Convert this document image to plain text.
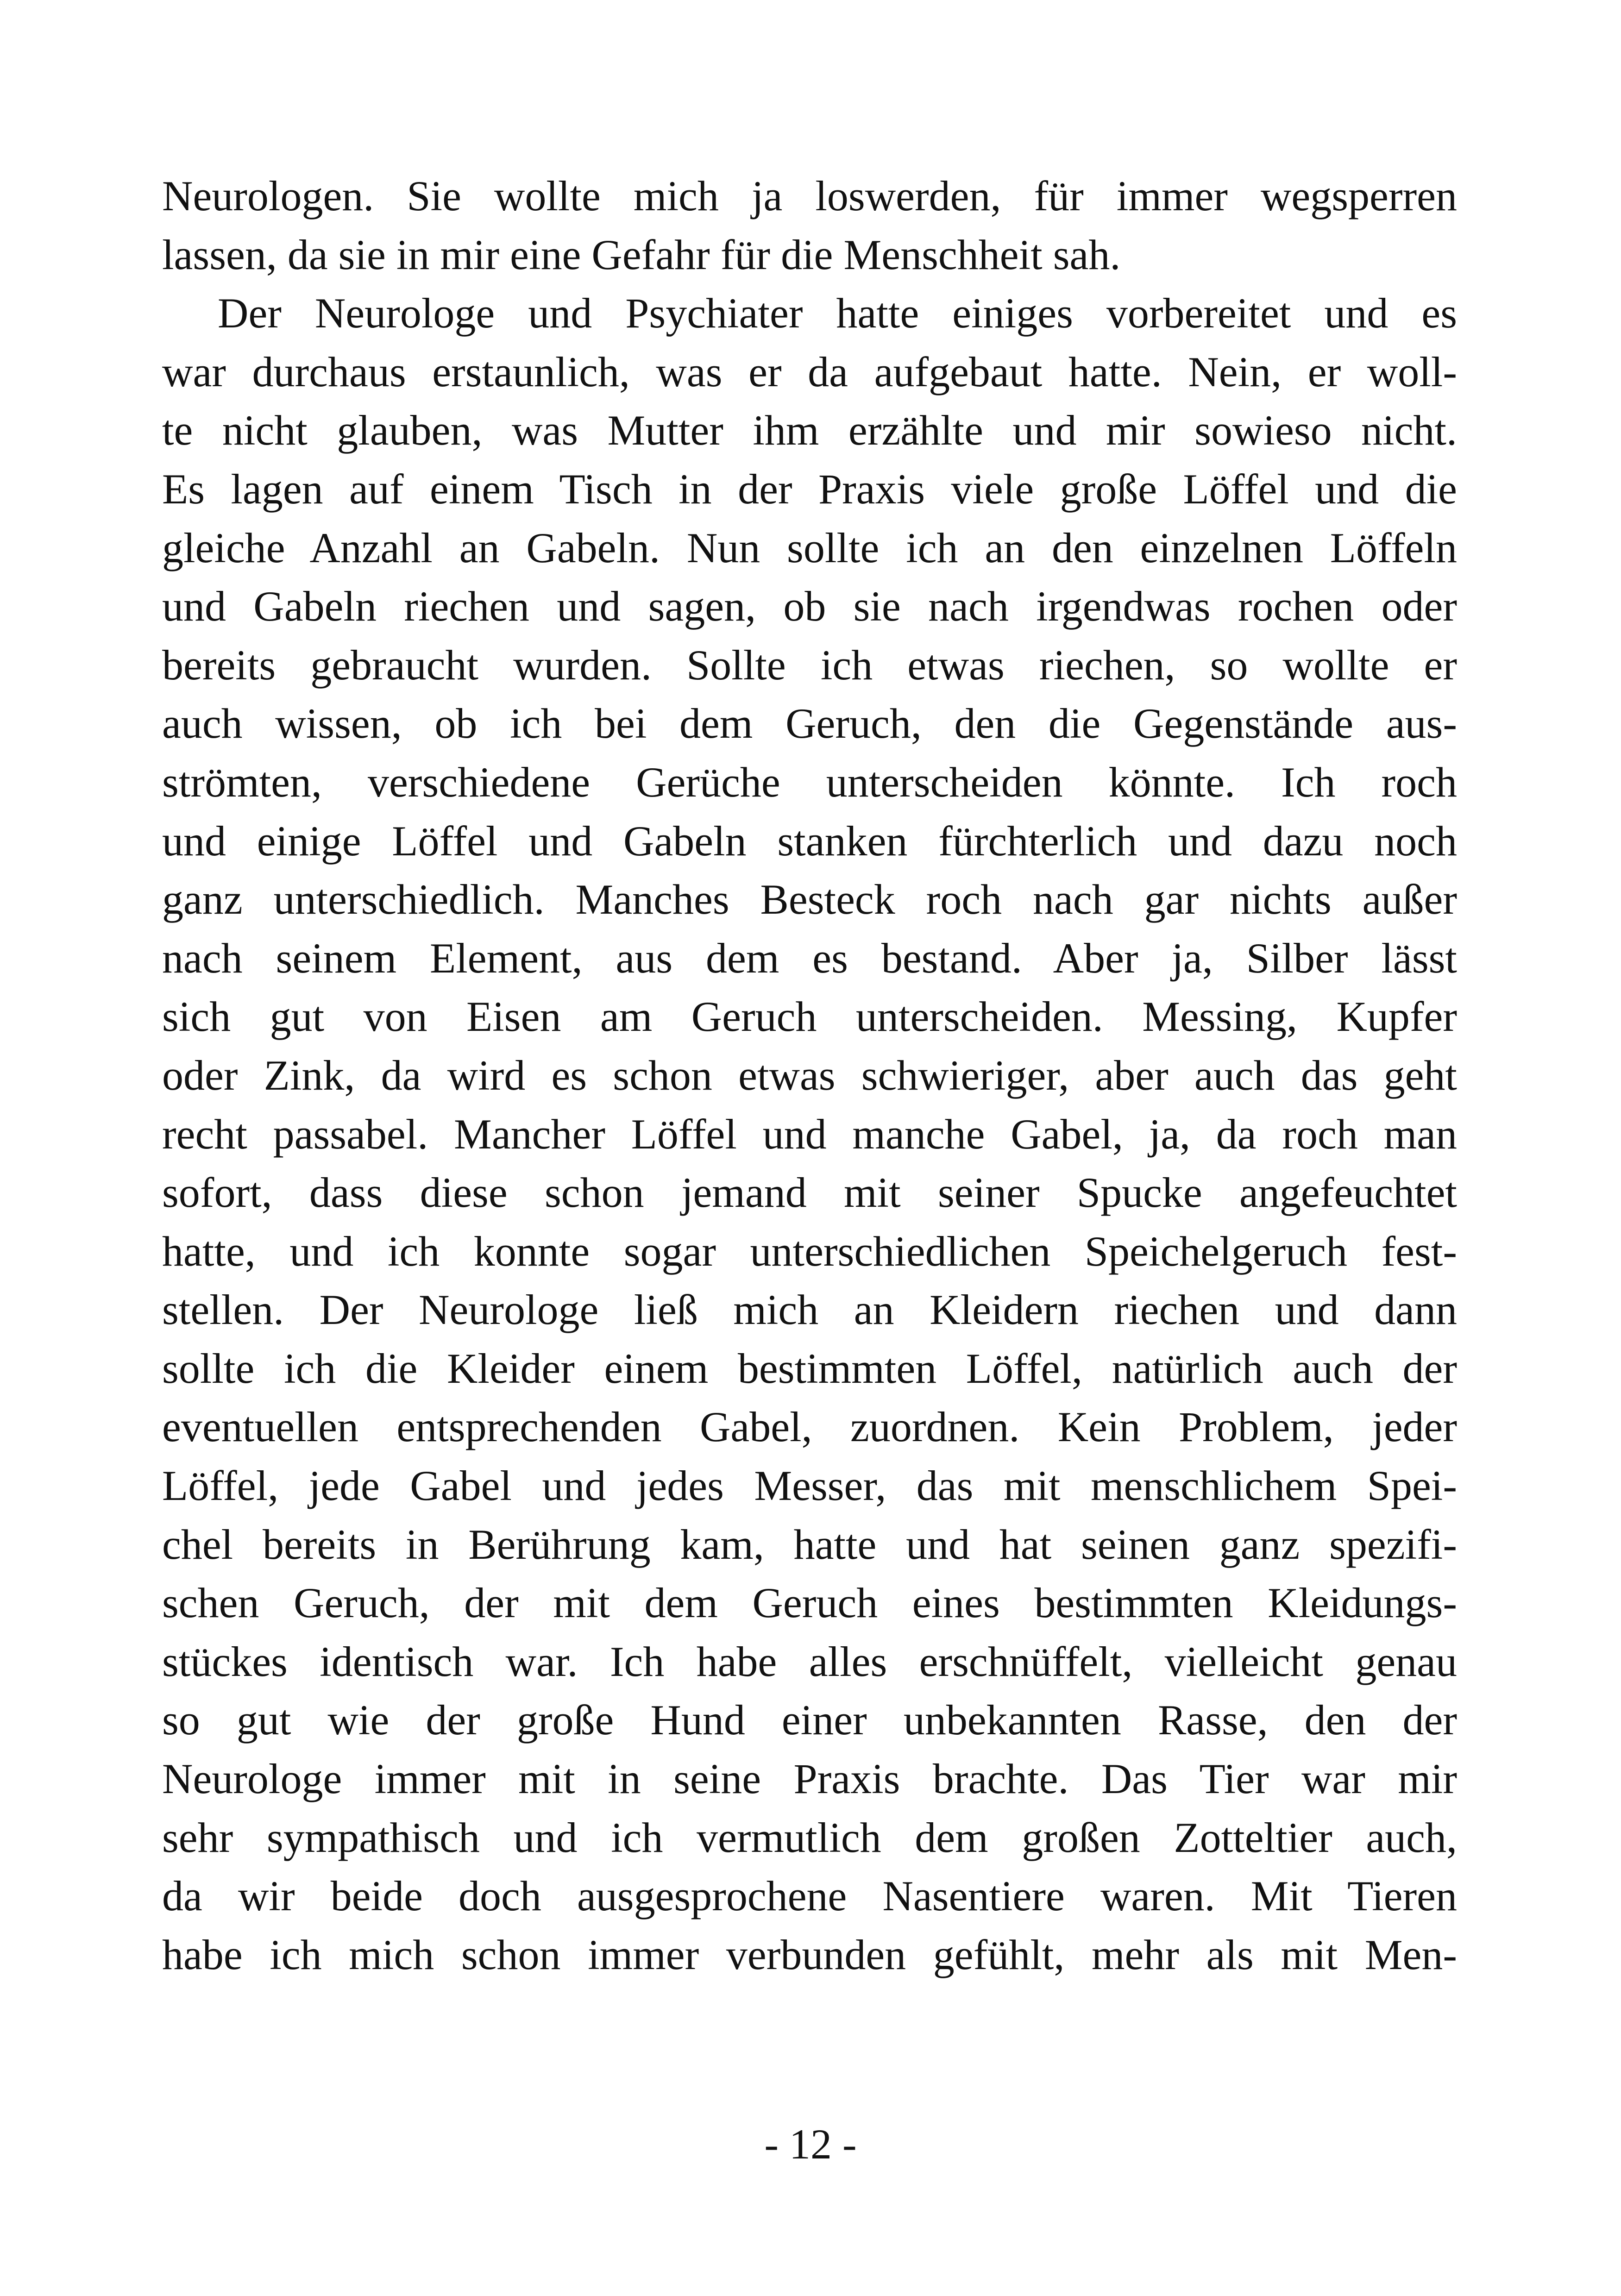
Neurologen. Sie wollte mich ja loswerden, für immer wegsperren
lassen, da sie in mir eine Gefahr für die Menschheit sah.
Der Neurologe und Psychiater hatte einiges vorbereitet und es
war durchaus erstaunlich, was er da aufgebaut hatte. Nein, er woll-
te nicht glauben, was Mutter ihm erzählte und mir sowieso nicht.
Es lagen auf einem Tisch in der Praxis viele große Löffel und die
gleiche Anzahl an Gabeln. Nun sollte ich an den einzelnen Löffeln
und Gabeln riechen und sagen, ob sie nach irgendwas rochen oder
bereits gebraucht wurden. Sollte ich etwas riechen, so wollte er
auch wissen, ob ich bei dem Geruch, den die Gegenstände aus-
strömten, verschiedene Gerüche unterscheiden könnte. Ich roch
und einige Löffel und Gabeln stanken fürchterlich und dazu noch
ganz unterschiedlich. Manches Besteck roch nach gar nichts außer
nach seinem Element, aus dem es bestand. Aber ja, Silber lässt
sich gut von Eisen am Geruch unterscheiden. Messing, Kupfer
oder Zink, da wird es schon etwas schwieriger, aber auch das geht
recht passabel. Mancher Löffel und manche Gabel, ja, da roch man
sofort, dass diese schon jemand mit seiner Spucke angefeuchtet
hatte, und ich konnte sogar unterschiedlichen Speichelgeruch fest-
stellen. Der Neurologe ließ mich an Kleidern riechen und dann
sollte ich die Kleider einem bestimmten Löffel, natürlich auch der
eventuellen entsprechenden Gabel, zuordnen. Kein Problem, jeder
Löffel, jede Gabel und jedes Messer, das mit menschlichem Spei-
chel bereits in Berührung kam, hatte und hat seinen ganz spezifi-
schen Geruch, der mit dem Geruch eines bestimmten Kleidungs-
stückes identisch war. Ich habe alles erschnüffelt, vielleicht genau
so gut wie der große Hund einer unbekannten Rasse, den der
Neurologe immer mit in seine Praxis brachte. Das Tier war mir
sehr sympathisch und ich vermutlich dem großen Zotteltier auch,
da wir beide doch ausgesprochene Nasentiere waren. Mit Tieren
habe ich mich schon immer verbunden gefühlt, mehr als mit Men-
- 12 -
